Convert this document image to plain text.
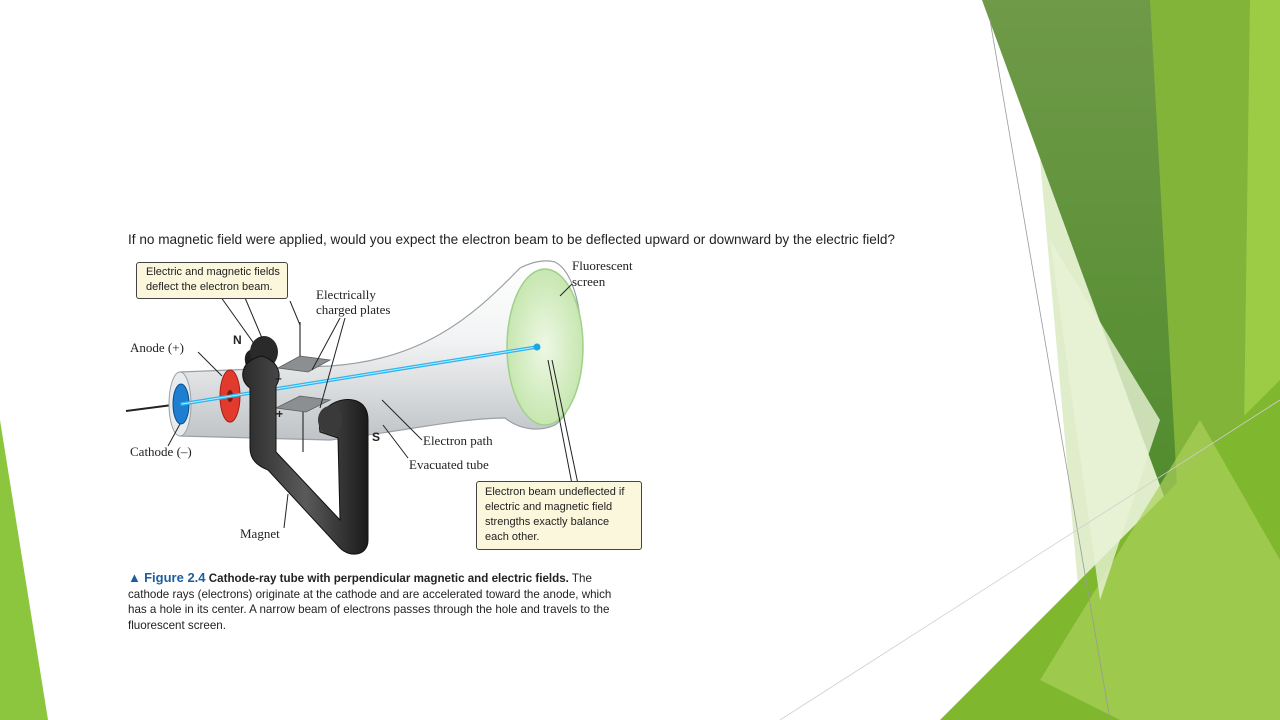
If no magnetic field were applied, would you expect the electron beam to be deflected upward or downward by the electric field?
Fluorescent
screen
Electrically
charged plates
Anode (+)
Cathode (–)
N
S
–
+
Electron path
Evacuated tube
Magnet
Electric and magnetic fields
deflect the electron beam.
Electron beam undeflected if
electric and magnetic field
strengths exactly balance
each other.
▲ Figure 2.4 Cathode-ray tube with perpendicular magnetic and electric fields. The cathode rays (electrons) originate at the cathode and are accelerated toward the anode, which has a hole in its center. A narrow beam of electrons passes through the hole and travels to the fluorescent screen.
